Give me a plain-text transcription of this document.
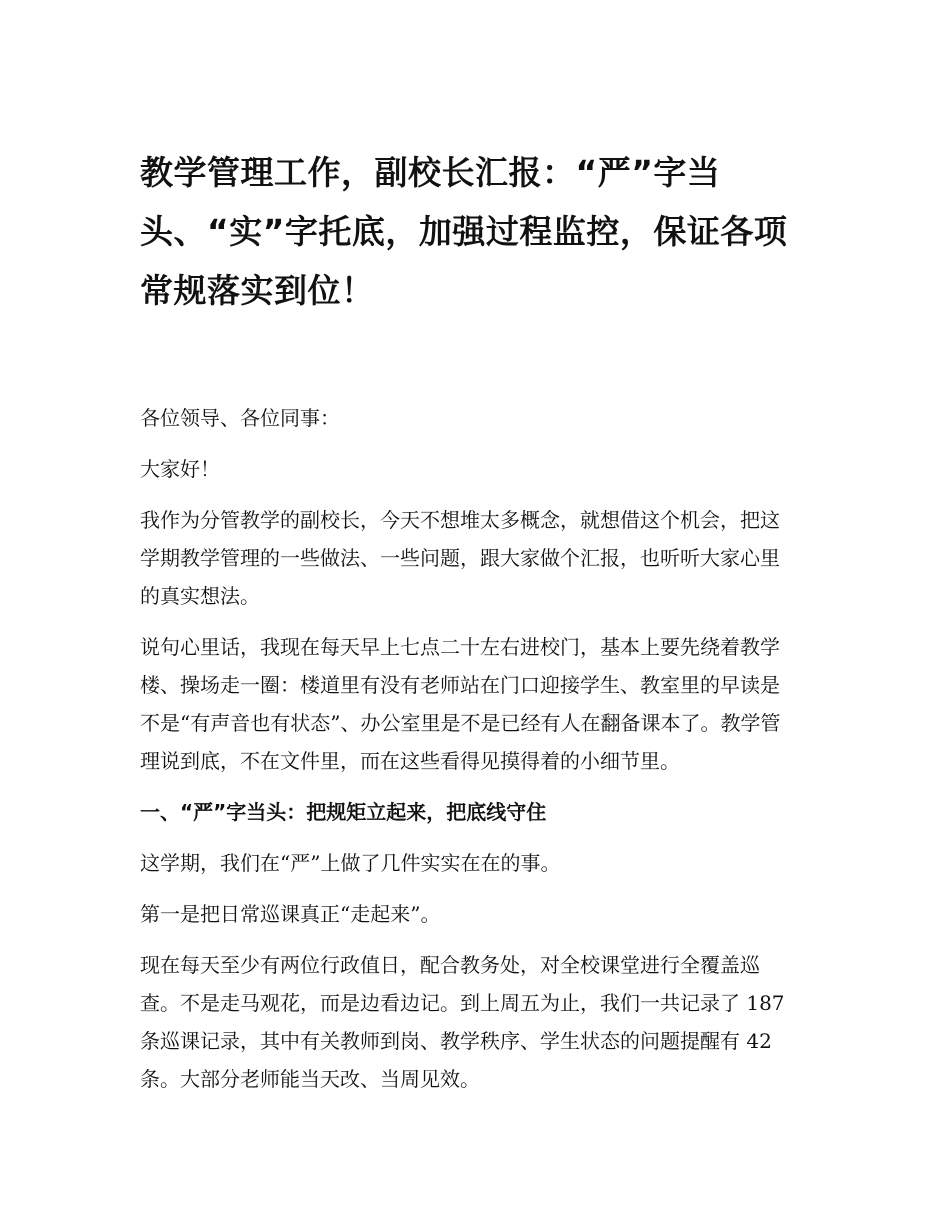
教学管理工作，副校长汇报：“严”字当头、“实”字托底，加强过程监控，保证各项常规落实到位！

各位领导、各位同事：

大家好！

我作为分管教学的副校长，今天不想堆太多概念，就想借这个机会，把这学期教学管理的一些做法、一些问题，跟大家做个汇报，也听听大家心里的真实想法。

说句心里话，我现在每天早上七点二十左右进校门，基本上要先绕着教学楼、操场走一圈：楼道里有没有老师站在门口迎接学生、教室里的早读是不是“有声音也有状态”、办公室里是不是已经有人在翻备课本了。教学管理说到底，不在文件里，而在这些看得见摸得着的小细节里。

一、“严”字当头：把规矩立起来，把底线守住

这学期，我们在“严”上做了几件实实在在的事。

第一是把日常巡课真正“走起来”。

现在每天至少有两位行政值日，配合教务处，对全校课堂进行全覆盖巡查。不是走马观花，而是边看边记。到上周五为止，我们一共记录了 187 条巡课记录，其中有关教师到岗、教学秩序、学生状态的问题提醒有 42 条。大部分老师能当天改、当周见效。
